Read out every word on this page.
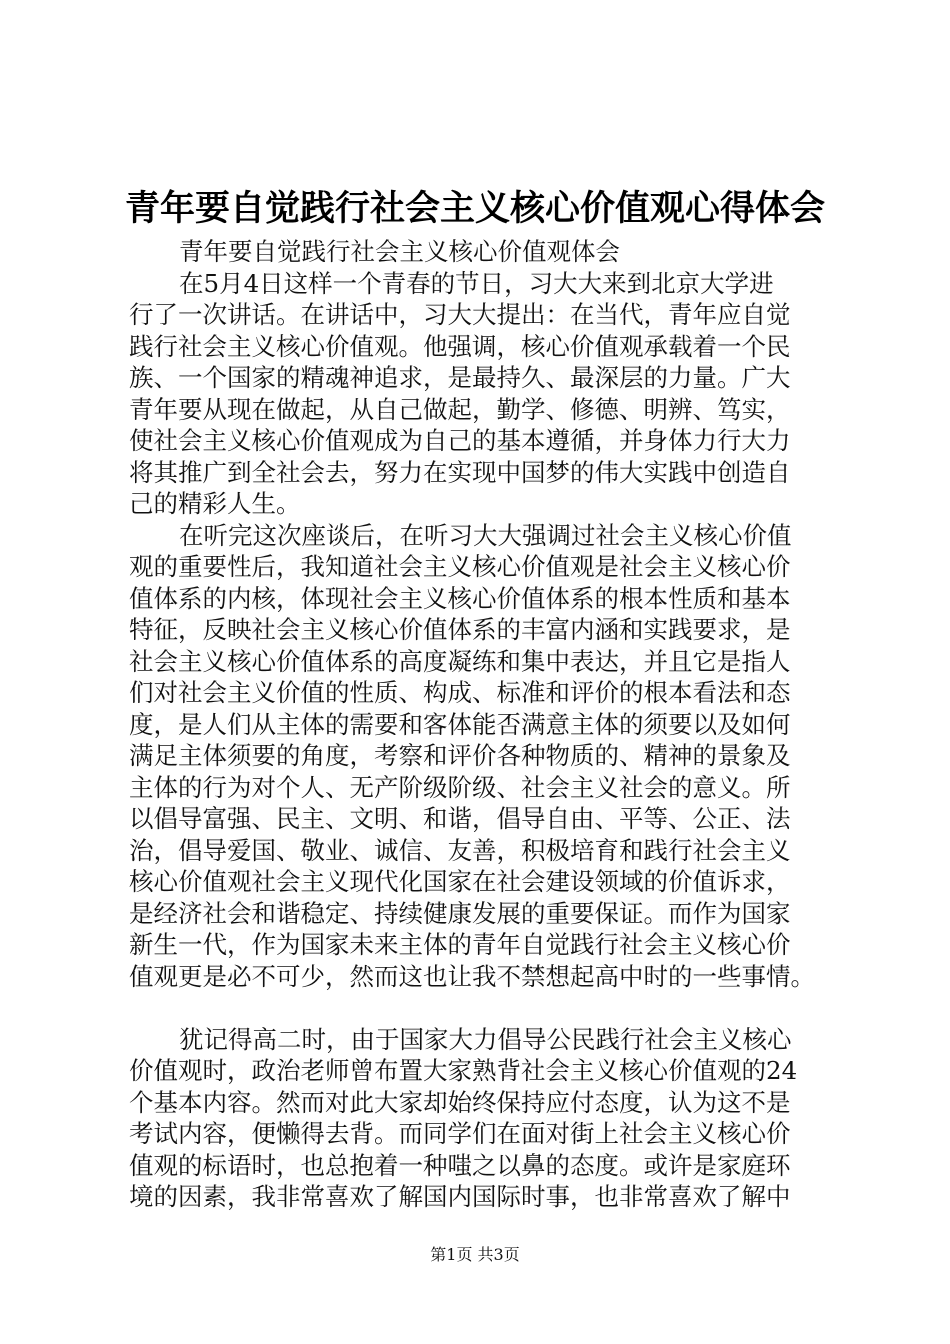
青年要自觉践行社会主义核心价值观心得体会
青年要自觉践行社会主义核心价值观体会
在5月4日这样一个青春的节日，习大大来到北京大学进
行了一次讲话。在讲话中，习大大提出：在当代，青年应自觉
践行社会主义核心价值观。他强调，核心价值观承载着一个民
族、一个国家的精魂神追求，是最持久、最深层的力量。广大
青年要从现在做起，从自己做起，勤学、修德、明辨、笃实，
使社会主义核心价值观成为自己的基本遵循，并身体力行大力
将其推广到全社会去，努力在实现中国梦的伟大实践中创造自
己的精彩人生。
在听完这次座谈后，在听习大大强调过社会主义核心价值
观的重要性后，我知道社会主义核心价值观是社会主义核心价
值体系的内核，体现社会主义核心价值体系的根本性质和基本
特征，反映社会主义核心价值体系的丰富内涵和实践要求，是
社会主义核心价值体系的高度凝练和集中表达，并且它是指人
们对社会主义价值的性质、构成、标准和评价的根本看法和态
度，是人们从主体的需要和客体能否满意主体的须要以及如何
满足主体须要的角度，考察和评价各种物质的、精神的景象及
主体的行为对个人、无产阶级阶级、社会主义社会的意义。所
以倡导富强、民主、文明、和谐，倡导自由、平等、公正、法
治，倡导爱国、敬业、诚信、友善，积极培育和践行社会主义
核心价值观社会主义现代化国家在社会建设领域的价值诉求，
是经济社会和谐稳定、持续健康发展的重要保证。而作为国家
新生一代，作为国家未来主体的青年自觉践行社会主义核心价
值观更是必不可少，然而这也让我不禁想起高中时的一些事情。
犹记得高二时，由于国家大力倡导公民践行社会主义核心
价值观时，政治老师曾布置大家熟背社会主义核心价值观的24
个基本内容。然而对此大家却始终保持应付态度，认为这不是
考试内容，便懒得去背。而同学们在面对街上社会主义核心价
值观的标语时，也总抱着一种嗤之以鼻的态度。或许是家庭环
境的因素，我非常喜欢了解国内国际时事，也非常喜欢了解中
第1页 共3页
